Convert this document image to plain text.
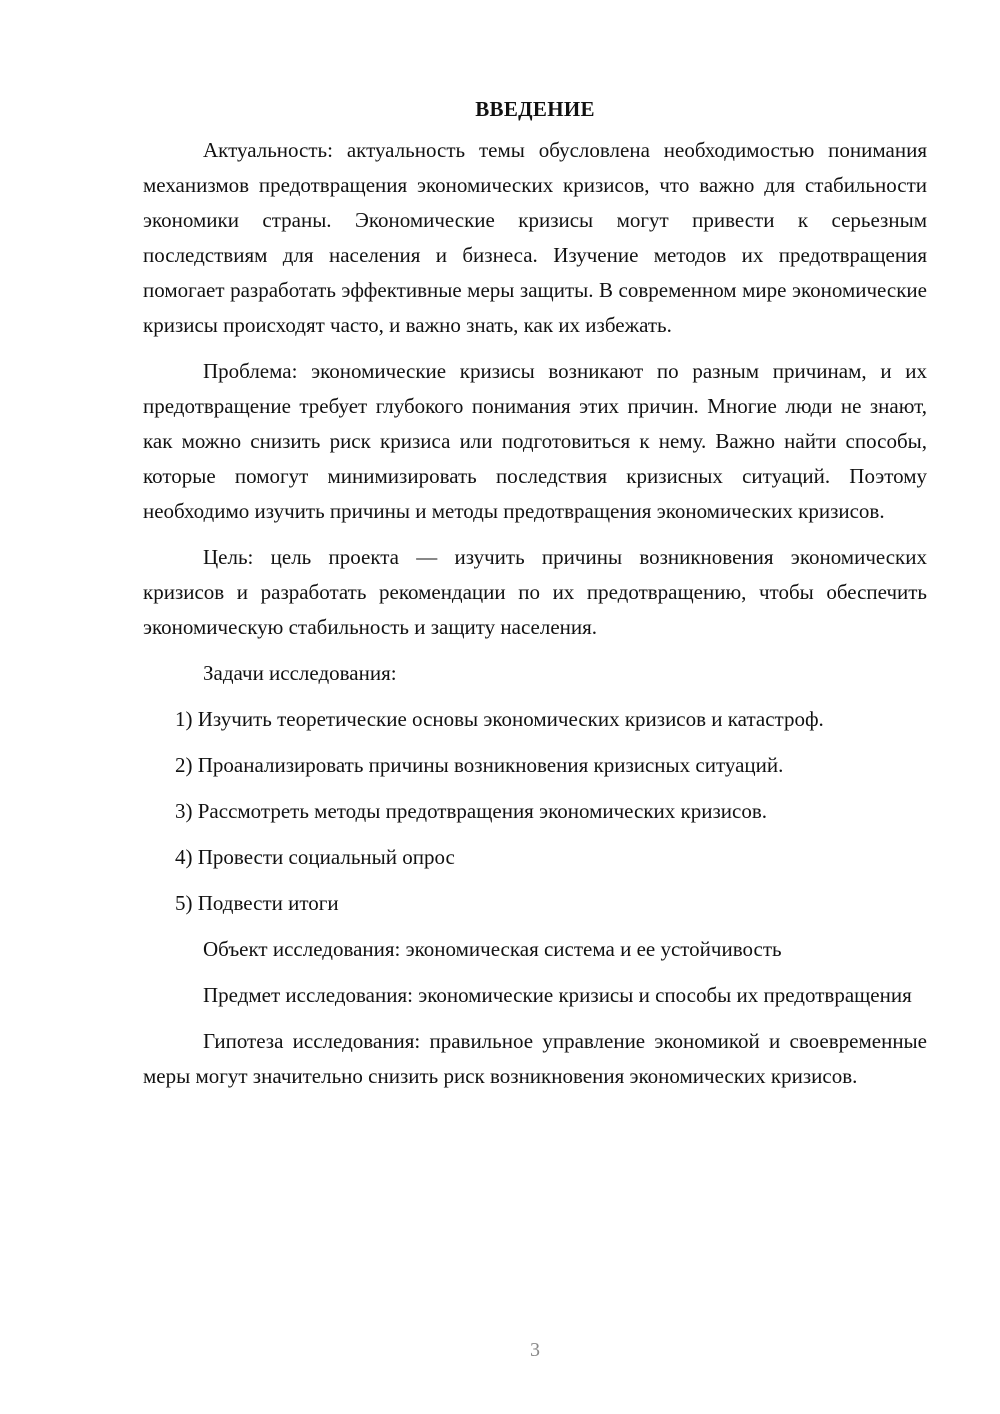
ВВЕДЕНИЕ

Актуальность: актуальность темы обусловлена необходимостью понимания механизмов предотвращения экономических кризисов, что важно для стабильности экономики страны. Экономические кризисы могут привести к серьезным последствиям для населения и бизнеса. Изучение методов их предотвращения помогает разработать эффективные меры защиты. В современном мире экономические кризисы происходят часто, и важно знать, как их избежать.

Проблема: экономические кризисы возникают по разным причинам, и их предотвращение требует глубокого понимания этих причин. Многие люди не знают, как можно снизить риск кризиса или подготовиться к нему. Важно найти способы, которые помогут минимизировать последствия кризисных ситуаций. Поэтому необходимо изучить причины и методы предотвращения экономических кризисов.

Цель: цель проекта — изучить причины возникновения экономических кризисов и разработать рекомендации по их предотвращению, чтобы обеспечить экономическую стабильность и защиту населения.

Задачи исследования:

1) Изучить теоретические основы экономических кризисов и катастроф.

2) Проанализировать причины возникновения кризисных ситуаций.

3) Рассмотреть методы предотвращения экономических кризисов.

4) Провести социальный опрос

5) Подвести итоги

Объект исследования: экономическая система и ее устойчивость

Предмет исследования: экономические кризисы и способы их предотвращения

Гипотеза исследования: правильное управление экономикой и своевременные меры могут значительно снизить риск возникновения экономических кризисов.

3
